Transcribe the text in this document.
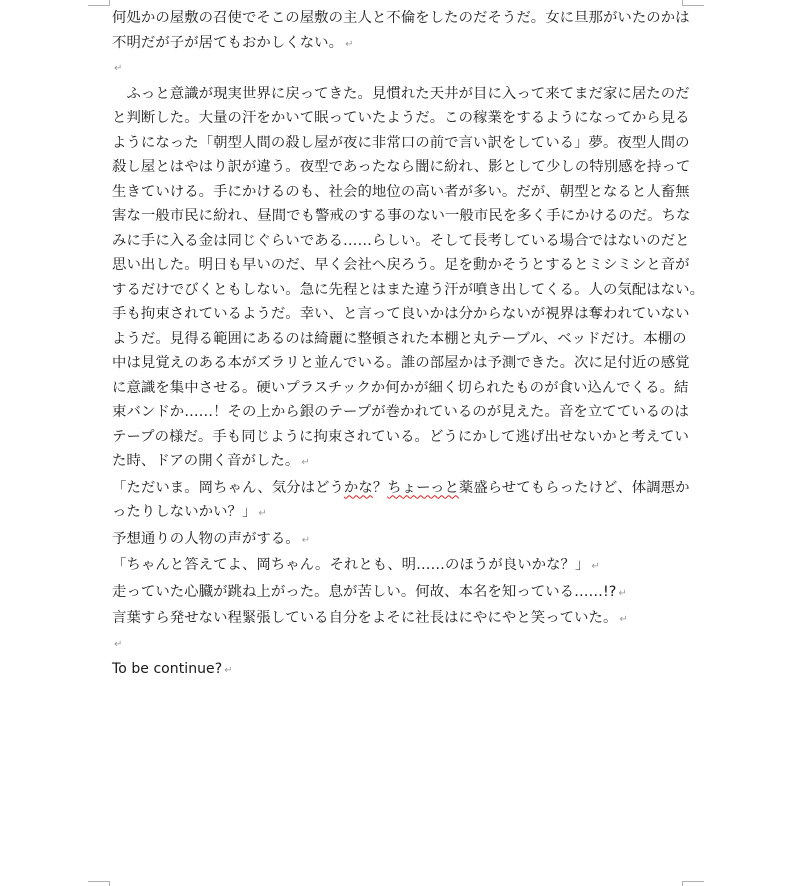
何処かの屋敷の召使でそこの屋敷の主人と不倫をしたのだそうだ。女に旦那がいたのかは

不明だが子が居てもおかしくない。 ↵

↵

　ふっと意識が現実世界に戻ってきた。見慣れた天井が目に入って来てまだ家に居たのだ

と判断した。大量の汗をかいて眠っていたようだ。この稼業をするようになってから見る

ようになった「朝型人間の殺し屋が夜に非常口の前で言い訳をしている」夢。夜型人間の

殺し屋とはやはり訳が違う。夜型であったなら闇に紛れ、影として少しの特別感を持って

生きていける。手にかけるのも、社会的地位の高い者が多い。だが、朝型となると人畜無

害な一般市民に紛れ、昼間でも警戒のする事のない一般市民を多く手にかけるのだ。ちな

みに手に入る金は同じぐらいである……らしい。そして長考している場合ではないのだと

思い出した。明日も早いのだ、早く会社へ戻ろう。足を動かそうとするとミシミシと音が

するだけでびくともしない。急に先程とはまた違う汗が噴き出してくる。人の気配はない。

手も拘束されているようだ。幸い、と言って良いかは分からないが視界は奪われていない

ようだ。見得る範囲にあるのは綺麗に整頓された本棚と丸テーブル、ベッドだけ。本棚の

中は見覚えのある本がズラリと並んでいる。誰の部屋かは予測できた。次に足付近の感覚

に意識を集中させる。硬いプラスチックか何かが細く切られたものが食い込んでくる。結

束バンドか……！その上から銀のテープが巻かれているのが見えた。音を立てているのは

テープの様だ。手も同じように拘束されている。どうにかして逃げ出せないかと考えてい

た時、ドアの開く音がした。 ↵

「ただいま。岡ちゃん、気分はどうかな？ちょーっと薬盛らせてもらったけど、体調悪か

ったりしないかい？」 ↵

予想通りの人物の声がする。 ↵

「ちゃんと答えてよ、岡ちゃん。それとも、明……のほうが良いかな？」 ↵

走っていた心臓が跳ね上がった。息が苦しい。何故、本名を知っている……!? ↵

言葉すら発せない程緊張している自分をよそに社長はにやにやと笑っていた。 ↵

↵

To be continue? ↵
